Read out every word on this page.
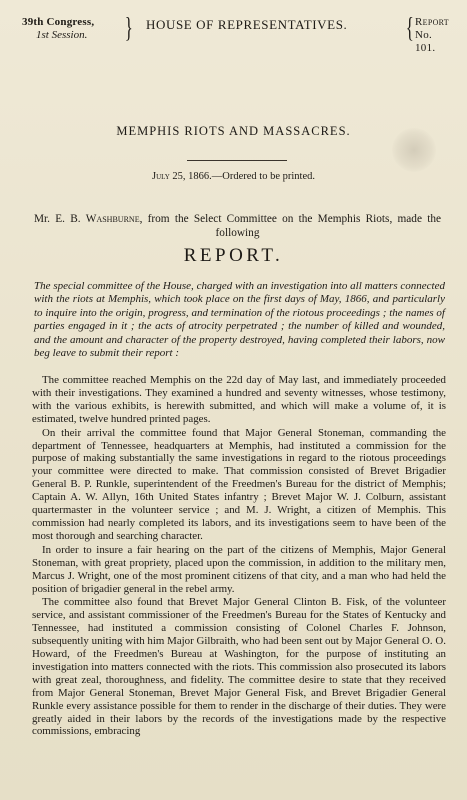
39th Congress,
1st Session. } HOUSE OF REPRESENTATIVES. { Report
No. 101.
MEMPHIS RIOTS AND MASSACRES.
July 25, 1866.—Ordered to be printed.
Mr. E. B. Washburne, from the Select Committee on the Memphis Riots, made the following
REPORT.
The special committee of the House, charged with an investigation into all matters connected with the riots at Memphis, which took place on the first days of May, 1866, and particularly to inquire into the origin, progress, and termination of the riotous proceedings ; the names of parties engaged in it ; the acts of atrocity perpetrated ; the number of killed and wounded, and the amount and character of the property destroyed, having completed their labors, now beg leave to submit their report :

The committee reached Memphis on the 22d day of May last, and immediately proceeded with their investigations. They examined a hundred and seventy witnesses, whose testimony, with the various exhibits, is herewith submitted, and which will make a volume of, it is estimated, twelve hundred printed pages.

On their arrival the committee found that Major General Stoneman, commanding the department of Tennessee, headquarters at Memphis, had instituted a commission for the purpose of making substantially the same investigations in regard to the riotous proceedings your committee were directed to make. That commission consisted of Brevet Brigadier General B. P. Runkle, superintendent of the Freedmen's Bureau for the district of Memphis; Captain A. W. Allyn, 16th United States infantry ; Brevet Major W. J. Colburn, assistant quartermaster in the volunteer service ; and M. J. Wright, a citizen of Memphis. This commission had nearly completed its labors, and its investigations seem to have been of the most thorough and searching character.

In order to insure a fair hearing on the part of the citizens of Memphis, Major General Stoneman, with great propriety, placed upon the commission, in addition to the military men, Marcus J. Wright, one of the most prominent citizens of that city, and a man who had held the position of brigadier general in the rebel army.

The committee also found that Brevet Major General Clinton B. Fisk, of the volunteer service, and assistant commissioner of the Freedmen's Bureau for the States of Kentucky and Tennessee, had instituted a commission consisting of Colonel Charles F. Johnson, subsequently uniting with him Major Gilbraith, who had been sent out by Major General O. O. Howard, of the Freedmen's Bureau at Washington, for the purpose of instituting an investigation into matters connected with the riots. This commission also prosecuted its labors with great zeal, thoroughness, and fidelity. The committee desire to state that they received from Major General Stoneman, Brevet Major General Fisk, and Brevet Brigadier General Runkle every assistance possible for them to render in the discharge of their duties. They were greatly aided in their labors by the records of the investigations made by the respective commissions, embracing
